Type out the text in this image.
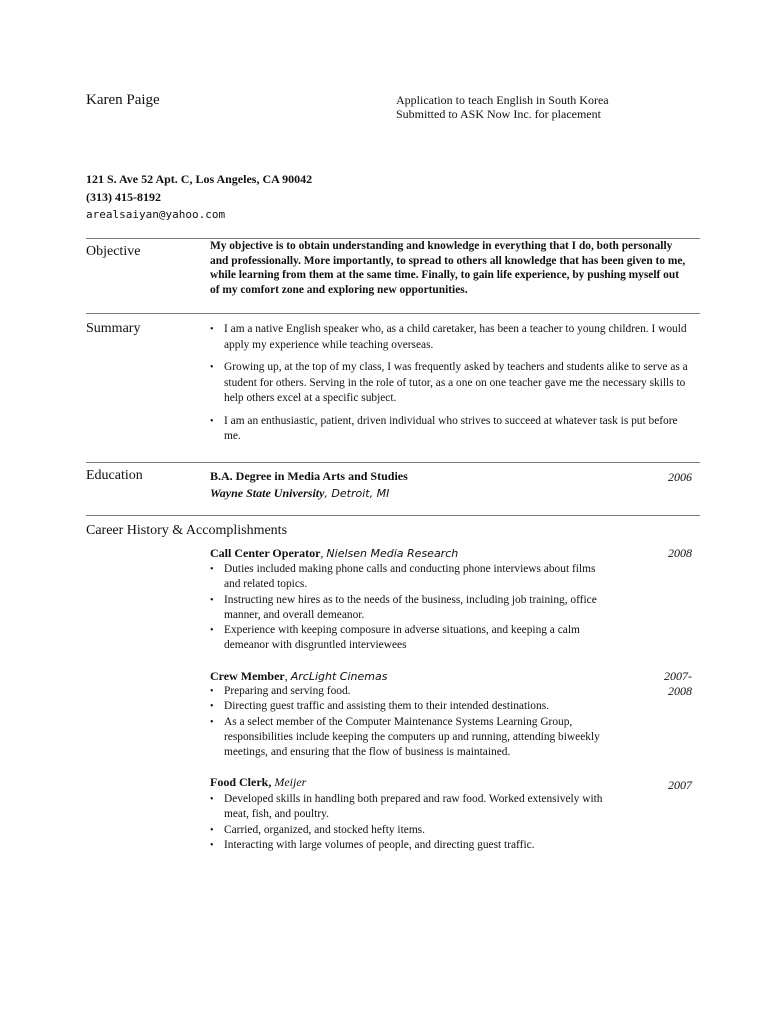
Karen Paige	Application to teach English in South Korea
Submitted to ASK Now Inc. for placement
121 S. Ave 52 Apt. C, Los Angeles, CA 90042
(313) 415-8192
arealsaiyan@yahoo.com
Objective	My objective is to obtain understanding and knowledge in everything that I do, both personally and professionally. More importantly, to spread to others all knowledge that has been given to me, while learning from them at the same time. Finally, to gain life experience, by pushing myself out of my comfort zone and exploring new opportunities.
Summary	• I am a native English speaker who, as a child caretaker, has been a teacher to young children. I would apply my experience while teaching overseas.
• Growing up, at the top of my class, I was frequently asked by teachers and students alike to serve as a student for others. Serving in the role of tutor, as a one on one teacher gave me the necessary skills to help others excel at a specific subject.
• I am an enthusiastic, patient, driven individual who strives to succeed at whatever task is put before me.
Education	B.A. Degree in Media Arts and Studies
Wayne State University, Detroit, MI
2006
Career History & Accomplishments
Call Center Operator, Nielsen Media Research	2008
• Duties included making phone calls and conducting phone interviews about films and related topics.
• Instructing new hires as to the needs of the business, including job training, office manner, and overall demeanor.
• Experience with keeping composure in adverse situations, and keeping a calm demeanor with disgruntled interviewees
Crew Member, ArcLight Cinemas	2007-
2008
• Preparing and serving food.
• Directing guest traffic and assisting them to their intended destinations.
• As a select member of the Computer Maintenance Systems Learning Group, responsibilities include keeping the computers up and running, attending biweekly meetings, and ensuring that the flow of business is maintained.
Food Clerk, Meijer	2007
• Developed skills in handling both prepared and raw food. Worked extensively with meat, fish, and poultry.
• Carried, organized, and stocked hefty items.
• Interacting with large volumes of people, and directing guest traffic.
